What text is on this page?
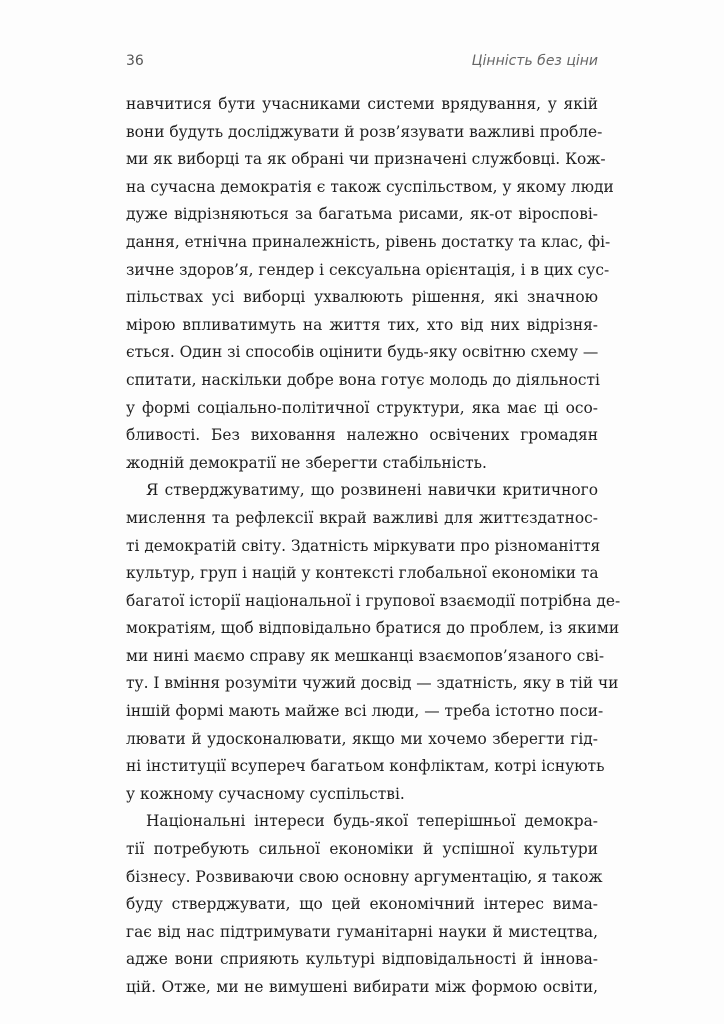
36	Цінність без ціни
навчитися бути учасниками системи врядування, у якій
вони будуть досліджувати й розв’язувати важливі пробле-
ми як виборці та як обрані чи призначені службовці. Кож-
на сучасна демократія є також суспільством, у якому люди
дуже відрізняються за багатьма рисами, як-от віроспові-
дання, етнічна приналежність, рівень достатку та клас, фі-
зичне здоров’я, гендер і сексуальна орієнтація, і в цих сус-
пільствах усі виборці ухвалюють рішення, які значною
мірою впливатимуть на життя тих, хто від них відрізня-
ється. Один зі способів оцінити будь-яку освітню схему —
спитати, наскільки добре вона готує молодь до діяльності
у формі соціально-політичної структури, яка має ці осо-
бливості. Без виховання належно освічених громадян
жодній демократії не зберегти стабільність.
Я стверджуватиму, що розвинені навички критичного
мислення та рефлексії вкрай важливі для життєздатнос-
ті демократій світу. Здатність міркувати про різноманіття
культур, груп і націй у контексті глобальної економіки та
багатої історії національної і групової взаємодії потрібна де-
мократіям, щоб відповідально братися до проблем, із якими
ми нині маємо справу як мешканці взаємопов’язаного сві-
ту. І вміння розуміти чужий досвід — здатність, яку в тій чи
іншій формі мають майже всі люди, — треба істотно поси-
лювати й удосконалювати, якщо ми хочемо зберегти гід-
ні інституції всупереч багатьом конфліктам, котрі існують
у кожному сучасному суспільстві.
Національні інтереси будь-якої теперішньої демокра-
тії потребують сильної економіки й успішної культури
бізнесу. Розвиваючи свою основну аргументацію, я також
буду стверджувати, що цей економічний інтерес вима-
гає від нас підтримувати гуманітарні науки й мистецтва,
адже вони сприяють культурі відповідальності й іннова-
цій. Отже, ми не вимушені вибирати між формою освіти,
